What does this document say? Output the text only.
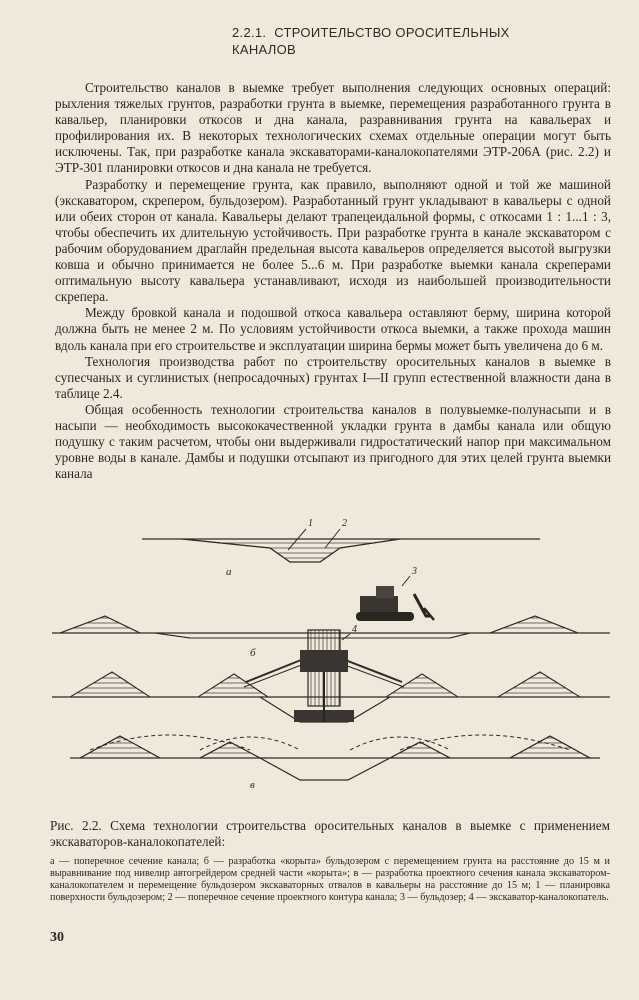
2.2.1. СТРОИТЕЛЬСТВО ОРОСИТЕЛЬНЫХ КАНАЛОВ

Строительство каналов в выемке требует выполнения следующих основных операций: рыхления тяжелых грунтов, разработки грунта в выемке, перемещения разработанного грунта в кавальер, планировки откосов и дна канала, разравнивания грунта на кавальерах и профилирования их. В некоторых технологических схемах отдельные операции могут быть исключены. Так, при разработке канала экскаваторами-каналокопателями ЭТР-206А (рис. 2.2) и ЭТР-301 планировки откосов и дна канала не требуется.

Разработку и перемещение грунта, как правило, выполняют одной и той же машиной (экскаватором, скрепером, бульдозером). Разработанный грунт укладывают в кавальеры с одной или обеих сторон от канала. Кавальеры делают трапецеидальной формы, с откосами 1 : 1...1 : 3, чтобы обеспечить их длительную устойчивость. При разработке грунта в канале экскаватором с рабочим оборудованием драглайн предельная высота кавальеров определяется высотой выгрузки ковша и обычно принимается не более 5...6 м. При разработке выемки канала скреперами оптимальную высоту кавальера устанавливают, исходя из наибольшей производительности скрепера.

Между бровкой канала и подошвой откоса кавальера оставляют берму, ширина которой должна быть не менее 2 м. По условиям устойчивости откоса выемки, а также прохода машин вдоль канала при его строительстве и эксплуатации ширина бермы может быть увеличена до 6 м.

Технология производства работ по строительству оросительных каналов в выемке в супесчаных и суглинистых (непросадочных) грунтах I—II групп естественной влажности дана в таблице 2.4.

Общая особенность технологии строительства каналов в полувыемке-полунасыпи и в насыпи — необходимость высококачественной укладки грунта в дамбы канала или общую подушку с таким расчетом, чтобы они выдерживали гидростатический напор при максимальном уровне воды в канале. Дамбы и подушки отсыпают из пригодного для этих целей грунта выемки канала

1	2
а	3
б
4
в

Рис. 2.2. Схема технологии строительства оросительных каналов в выемке с применением экскаваторов-каналокопателей:

а — поперечное сечение канала; б — разработка «корыта» бульдозером с перемещением грунта на расстояние до 15 м и выравнивание под нивелир автогрейдером средней части «корыта»; в — разработка проектного сечения канала экскаватором-каналокопателем и перемещение бульдозером экскаваторных отвалов в кавальеры на расстояние до 15 м; 1 — планировка поверхности бульдозером; 2 — поперечное сечение проектного контура канала; 3 — бульдозер; 4 — экскаватор-каналокопатель.

30
